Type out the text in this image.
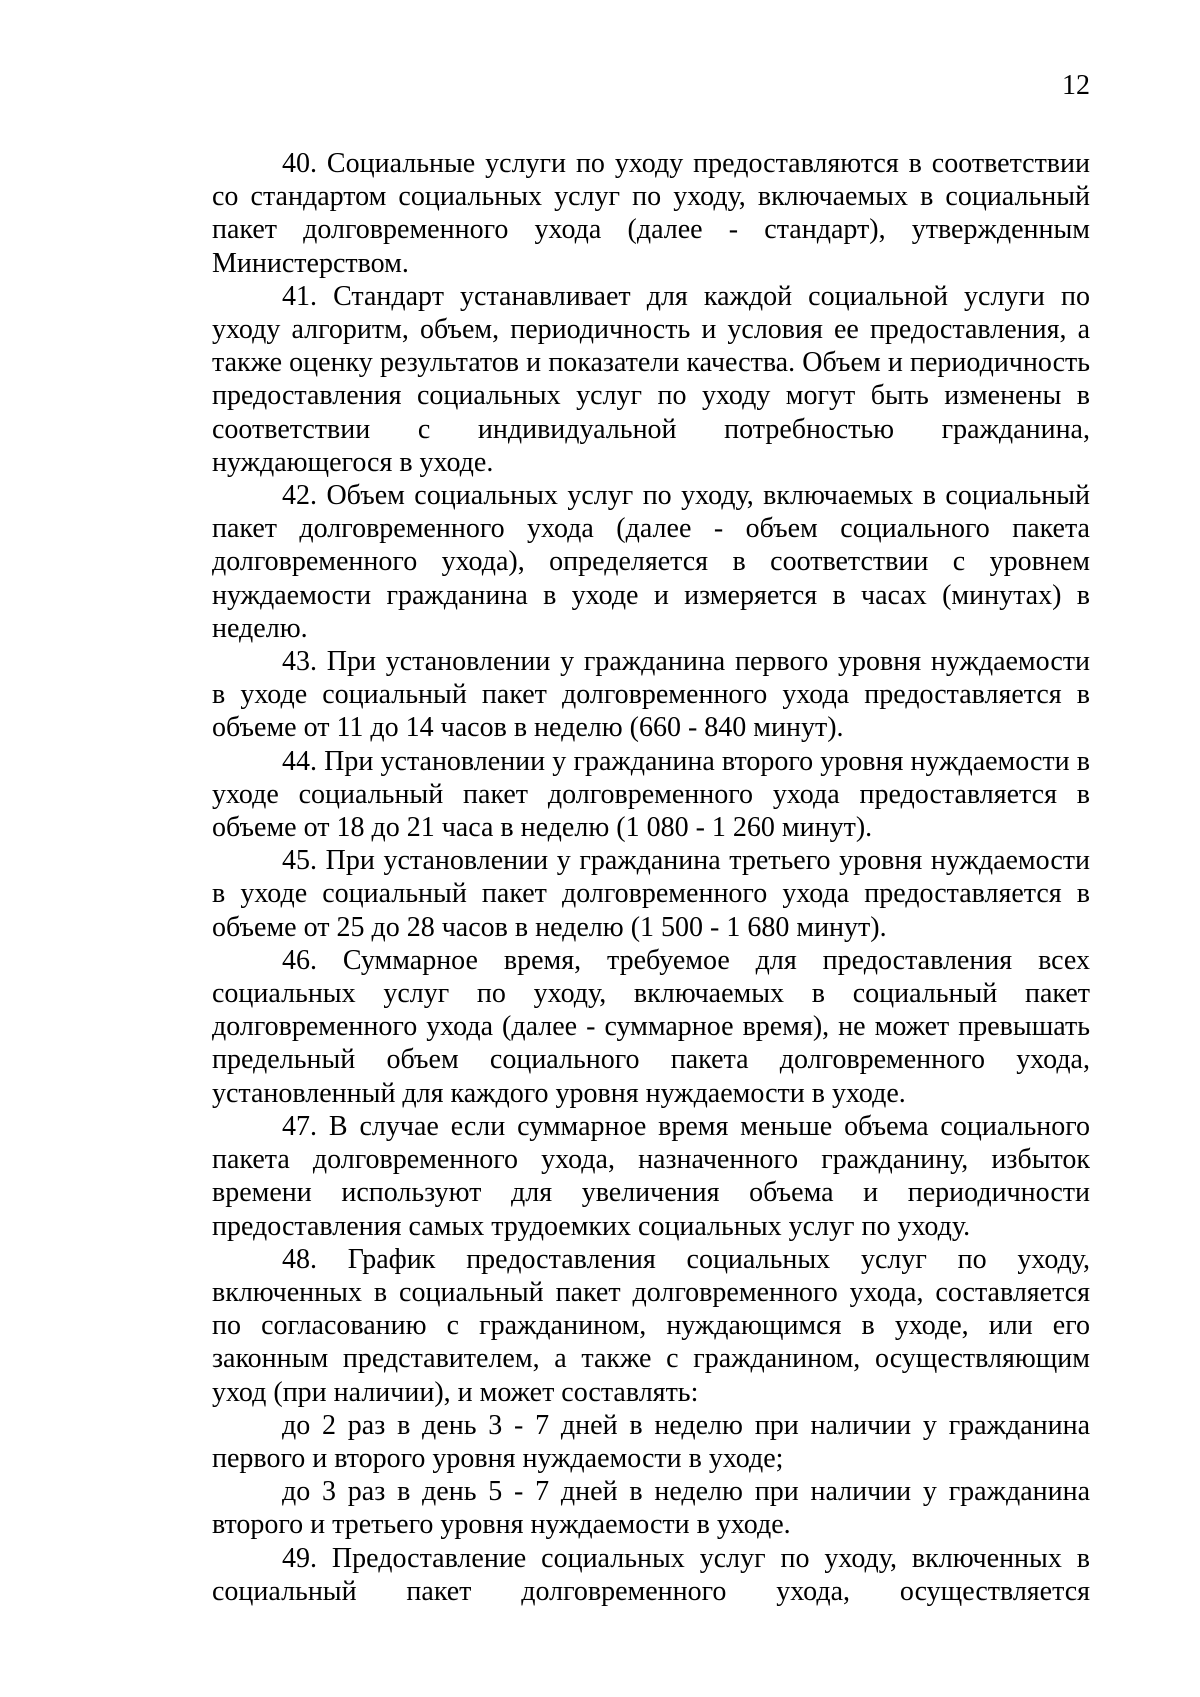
12

40. Социальные услуги по уходу предоставляются в соответствии со стандартом социальных услуг по уходу, включаемых в социальный пакет долговременного ухода (далее - стандарт), утвержденным Министерством.

41. Стандарт устанавливает для каждой социальной услуги по уходу алгоритм, объем, периодичность и условия ее предоставления, а также оценку результатов и показатели качества. Объем и периодичность предоставления социальных услуг по уходу могут быть изменены в соответствии с индивидуальной потребностью гражданина, нуждающегося в уходе.

42. Объем социальных услуг по уходу, включаемых в социальный пакет долговременного ухода (далее - объем социального пакета долговременного ухода), определяется в соответствии с уровнем нуждаемости гражданина в уходе и измеряется в часах (минутах) в неделю.

43. При установлении у гражданина первого уровня нуждаемости в уходе социальный пакет долговременного ухода предоставляется в объеме от 11 до 14 часов в неделю (660 - 840 минут).

44. При установлении у гражданина второго уровня нуждаемости в уходе социальный пакет долговременного ухода предоставляется в объеме от 18 до 21 часа в неделю (1 080 - 1 260 минут).

45. При установлении у гражданина третьего уровня нуждаемости в уходе социальный пакет долговременного ухода предоставляется в объеме от 25 до 28 часов в неделю (1 500 - 1 680 минут).

46. Суммарное время, требуемое для предоставления всех социальных услуг по уходу, включаемых в социальный пакет долговременного ухода (далее - суммарное время), не может превышать предельный объем социального пакета долговременного ухода, установленный для каждого уровня нуждаемости в уходе.

47. В случае если суммарное время меньше объема социального пакета долговременного ухода, назначенного гражданину, избыток времени используют для увеличения объема и периодичности предоставления самых трудоемких социальных услуг по уходу.

48. График предоставления социальных услуг по уходу, включенных в социальный пакет долговременного ухода, составляется по согласованию с гражданином, нуждающимся в уходе, или его законным представителем, а также с гражданином, осуществляющим уход (при наличии), и может составлять:

до 2 раз в день 3 - 7 дней в неделю при наличии у гражданина первого и второго уровня нуждаемости в уходе;

до 3 раз в день 5 - 7 дней в неделю при наличии у гражданина второго и третьего уровня нуждаемости в уходе.

49. Предоставление социальных услуг по уходу, включенных в социальный пакет долговременного ухода, осуществляется
